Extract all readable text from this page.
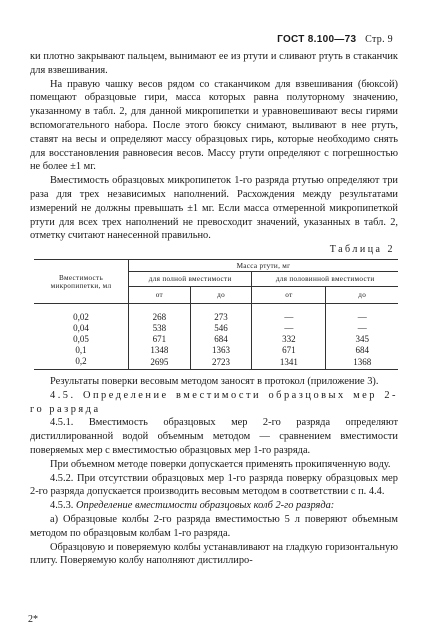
ГОСТ 8.100—73 Стр. 9

ки плотно закрывают пальцем, вынимают ее из ртути и сливают ртуть в стаканчик для взвешивания.

На правую чашку весов рядом со стаканчиком для взвешивания (бюксой) помещают образцовые гири, масса которых равна полуторному значению, указанному в табл. 2, для данной микропипетки и уравновешивают весы гирями вспомогательного набора. После этого бюксу снимают, выливают в нее ртуть, ставят на весы и определяют массу образцовых гирь, которые необходимо снять для восстановления равновесия весов. Массу ртути определяют с погрешностью не более ±1 мг.

Вместимость образцовых микропипеток 1-го разряда ртутью определяют три раза для трех независимых наполнений. Расхождения между результатами измерений не должны превышать ±1 мг. Если масса отмеренной микропипеткой ртути для всех трех наполнений не превосходит значений, указанных в табл. 2, отметку считают нанесенной правильно.

Таблица 2
Вместимость микропипетки, мл	Масса ртути, мг			
	для полной вместимости		для половинной вместимости	
	от	до	от	до

0,02	268	273	—	—
0,04	538	546	—	—
0,05	671	684	332	345
0,1	1348	1363	671	684
0,2	2695	2723	1341	1368

Результаты поверки весовым методом заносят в протокол (приложение 3).

4.5. Определение вместимости образцовых мер 2-го разряда

4.5.1. Вместимость образцовых мер 2-го разряда определяют дистиллированной водой объемным методом — сравнением вместимости поверяемых мер с вместимостью образцовых мер 1-го разряда.

При объемном методе поверки допускается применять прокипяченную воду.

4.5.2. При отсутствии образцовых мер 1-го разряда поверку образцовых мер 2-го разряда допускается производить весовым методом в соответствии с п. 4.4.

4.5.3. Определение вместимости образцовых колб 2-го разряда:

а) Образцовые колбы 2-го разряда вместимостью 5 л поверяют объемным методом по образцовым колбам 1-го разряда.

Образцовую и поверяемую колбы устанавливают на гладкую горизонтальную плиту. Поверяемую колбу наполняют дистиллиро-

2*
